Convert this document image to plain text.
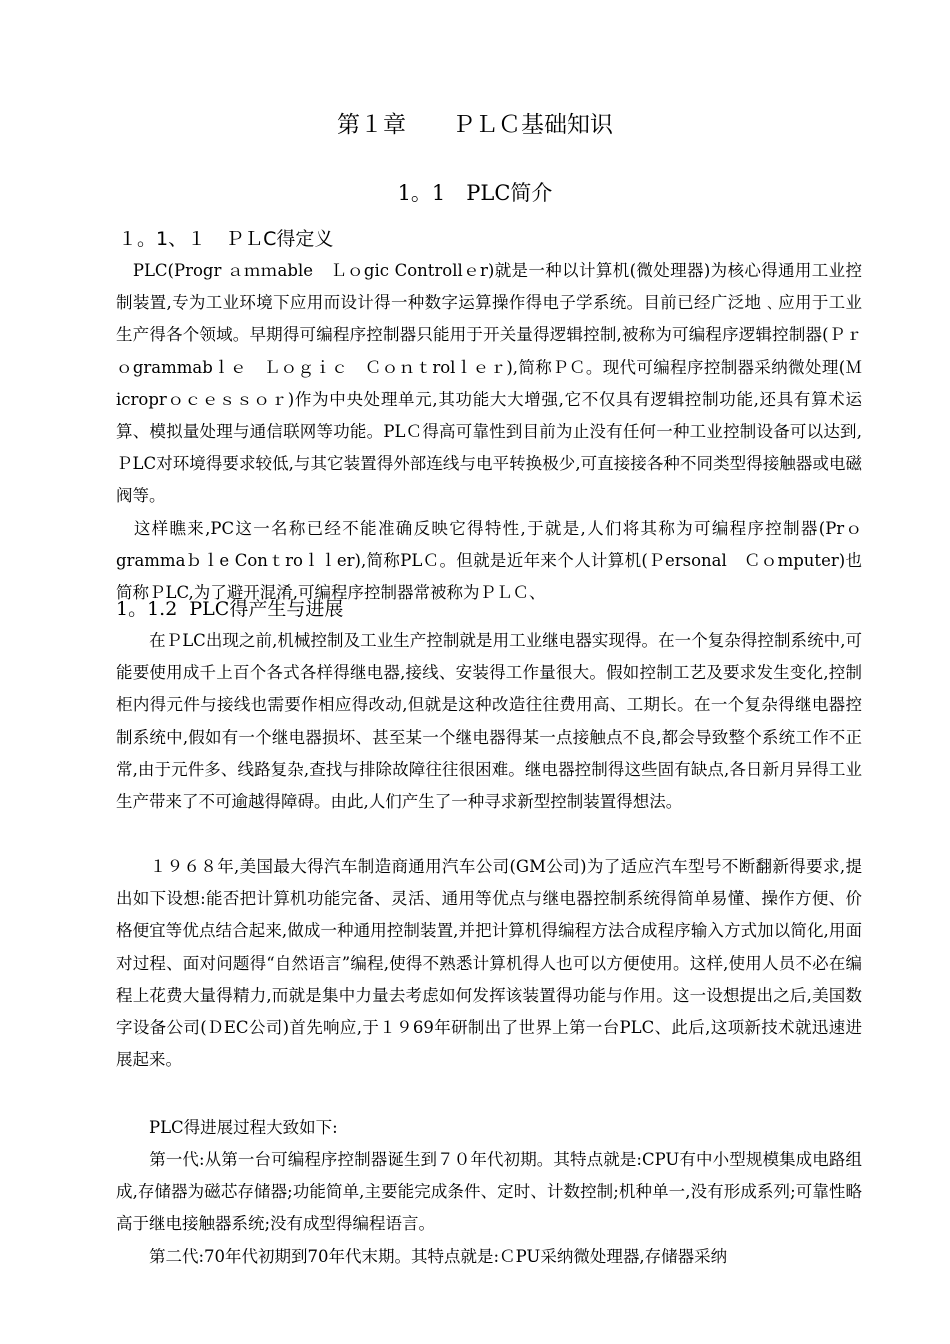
第１章　　ＰＬＣ基础知识
1。1　PLC简介
１。1、１　ＰＬC得定义

　PLC(Progr ａｍｍable　Ｌｏgic Controllｅr)就是一种以计算机(微处理器)为核心得通用工业控制装置,专为工业环境下应用而设计得一种数字运算操作得电子学系统。目前已经广泛地﹑应用于工业生产得各个领域。早期得可编程序控制器只能用于开关量得逻辑控制,被称为可编程序逻辑控制器(Ｐｒｏgrammabｌｅ　Ｌｏｇｉｃ　Ｃｏｎｔrolｌｅｒ),简称ＰＣ。现代可编程序控制器采纳微处理(Ｍicroprｏｃｅｓｓｏｒ)作为中央处理单元,其功能大大增强,它不仅具有逻辑控制功能,还具有算术运算、模拟量处理与通信联网等功能。PLＣ得高可靠性到目前为止没有任何一种工业控制设备可以达到,ＰLC对环境得要求较低,与其它装置得外部连线与电平转换极少,可直接接各种不同类型得接触器或电磁阀等。

　这样瞧来,PC这一名称已经不能准确反映它得特性,于就是,人们将其称为可编程序控制器(Prｏgrammaｂｌe Conｔroｌｌer),简称PLＣ。但就是近年来个人计算机(Ｐersonal　Ｃｏmputer)也简称ＰLC,为了避开混淆,可编程序控制器常被称为ＰＬＣ、

1。1.2  PLC得产生与进展

　　在ＰLC出现之前,机械控制及工业生产控制就是用工业继电器实现得。在一个复杂得控制系统中,可能要使用成千上百个各式各样得继电器,接线、安装得工作量很大。假如控制工艺及要求发生变化,控制柜内得元件与接线也需要作相应得改动,但就是这种改造往往费用高、工期长。在一个复杂得继电器控制系统中,假如有一个继电器损坏、甚至某一个继电器得某一点接触点不良,都会导致整个系统工作不正常,由于元件多、线路复杂,查找与排除故障往往很困难。继电器控制得这些固有缺点,各日新月异得工业生产带来了不可逾越得障碍。由此,人们产生了一种寻求新型控制装置得想法。

　　１９６８年,美国最大得汽车制造商通用汽车公司(GM公司)为了适应汽车型号不断翻新得要求,提出如下设想:能否把计算机功能完备、灵活、通用等优点与继电器控制系统得简单易懂、操作方便、价格便宜等优点结合起来,做成一种通用控制装置,并把计算机得编程方法合成程序输入方式加以简化,用面对过程、面对问题得“自然语言”编程,使得不熟悉计算机得人也可以方便使用。这样,使用人员不必在编程上花费大量得精力,而就是集中力量去考虑如何发挥该装置得功能与作用。这一设想提出之后,美国数字设备公司(ＤEC公司)首先响应,于１９69年研制出了世界上第一台PLC、此后,这项新技术就迅速进展起来。

　　PLC得进展过程大致如下:

　　第一代:从第一台可编程序控制器诞生到７０年代初期。其特点就是:CPU有中小型规模集成电路组成,存储器为磁芯存储器;功能简单,主要能完成条件、定时、计数控制;机种单一,没有形成系列;可靠性略高于继电接触器系统;没有成型得编程语言。

　　第二代:70年代初期到70年代末期。其特点就是:ＣPU采纳微处理器,存储器采纳
